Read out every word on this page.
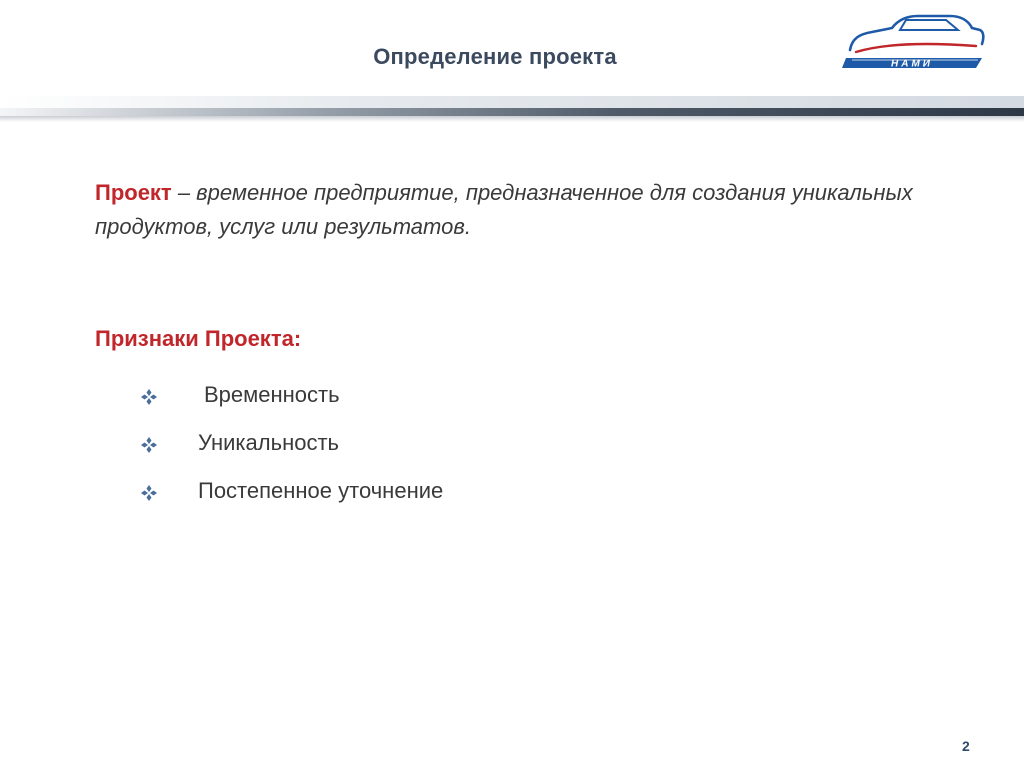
Определение проекта	НАМИ
Проект – временное предприятие, предназначенное для создания уникальных продуктов, услуг или результатов.
Признаки Проекта:
Временность
Уникальность
Постепенное уточнение
2
